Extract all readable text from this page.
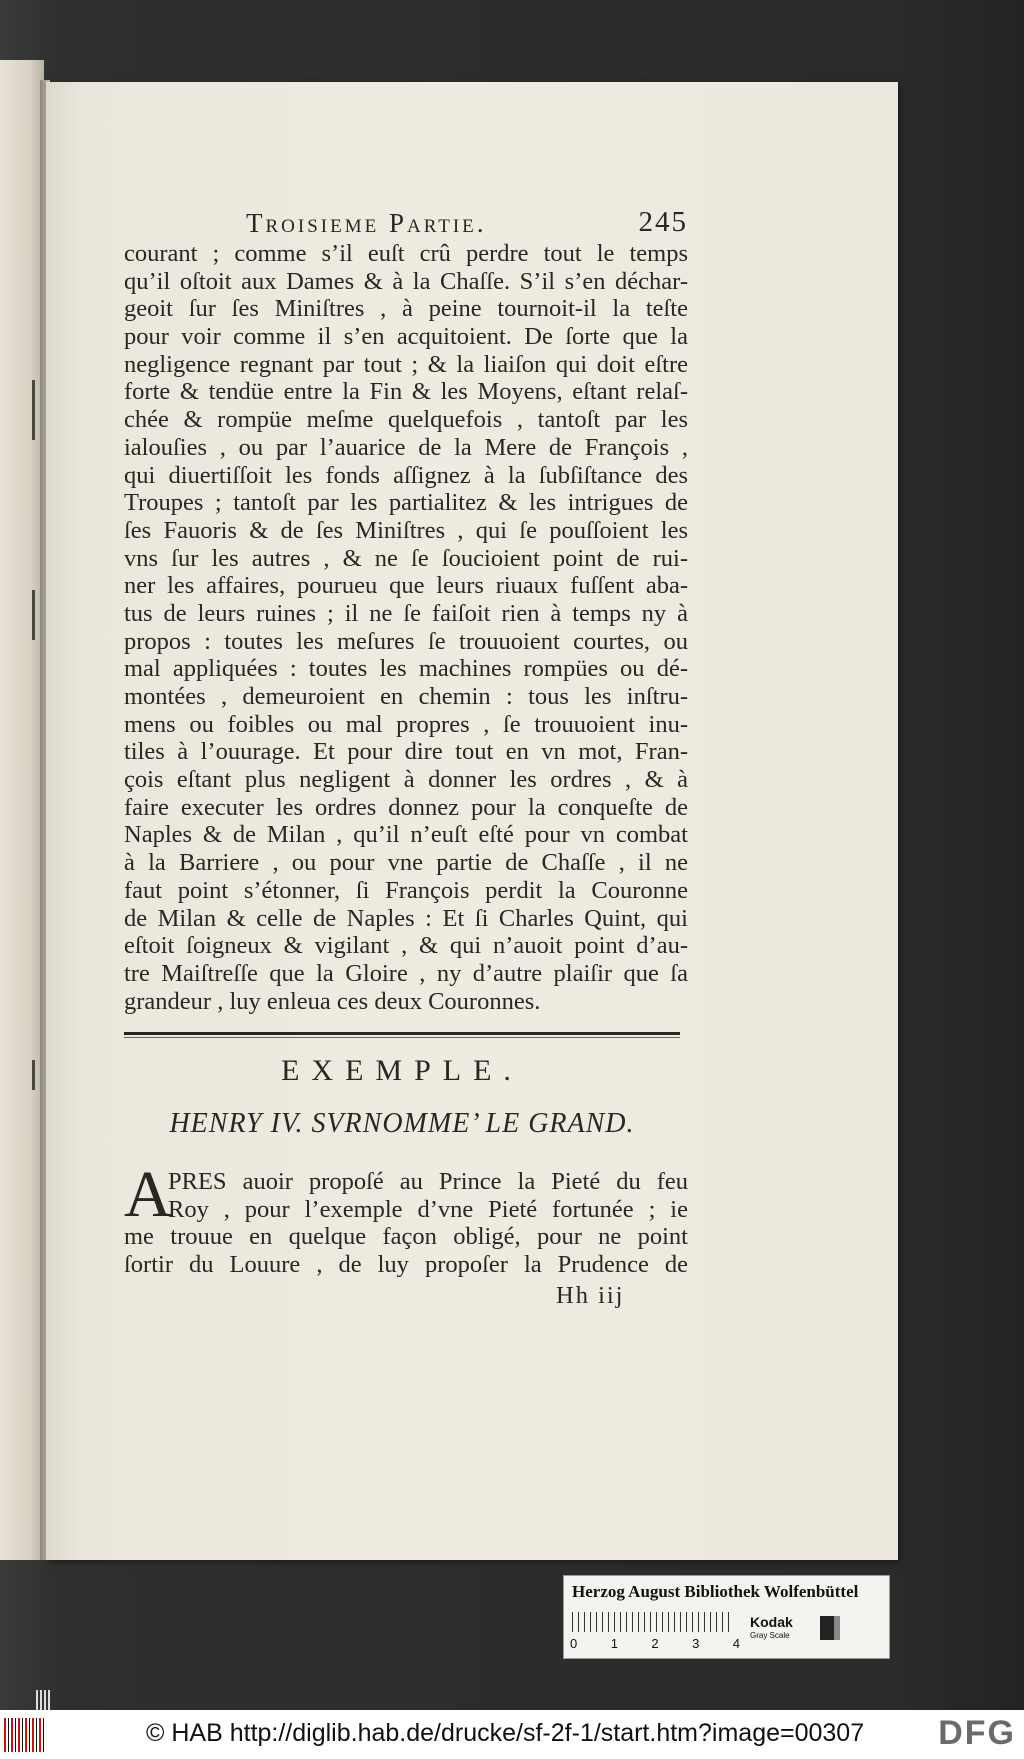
Troisieme Partie.	245
courant ; comme s’il euſt crû perdre tout le temps
qu’il oſtoit aux Dames & à la Chaſſe. S’il s’en déchar-
geoit ſur ſes Miniſtres , à peine tournoit-il la teſte
pour voir comme il s’en acquitoient. De ſorte que la
negligence regnant par tout ; & la liaiſon qui doit eſtre
forte & tendüe entre la Fin & les Moyens, eſtant relaſ-
chée & rompüe meſme quelquefois , tantoſt par les
ialouſies , ou par l’auarice de la Mere de François ,
qui diuertiſſoit les fonds aſſignez à la ſubſiſtance des
Troupes ; tantoſt par les partialitez & les intrigues de
ſes Fauoris & de ſes Miniſtres , qui ſe pouſſoient les
vns ſur les autres , & ne ſe ſoucioient point de rui-
ner les affaires, pourueu que leurs riuaux fuſſent aba-
tus de leurs ruines ; il ne ſe faiſoit rien à temps ny à
propos : toutes les meſures ſe trouuoient courtes, ou
mal appliquées : toutes les machines rompües ou dé-
montées , demeuroient en chemin : tous les inſtru-
mens ou foibles ou mal propres , ſe trouuoient inu-
tiles à l’ouurage. Et pour dire tout en vn mot, Fran-
çois eſtant plus negligent à donner les ordres , & à
faire executer les ordres donnez pour la conqueſte de
Naples & de Milan , qu’il n’euſt eſté pour vn combat
à la Barriere , ou pour vne partie de Chaſſe , il ne
faut point s’étonner, ſi François perdit la Couronne
de Milan & celle de Naples : Et ſi Charles Quint, qui
eſtoit ſoigneux & vigilant , & qui n’auoit point d’au-
tre Maiſtreſſe que la Gloire , ny d’autre plaiſir que ſa
grandeur , luy enleua ces deux Couronnes.
EXEMPLE.
HENRY IV. SVRNOMME’ LE GRAND.
A
PRES auoir propoſé au Prince la Pieté du feu
Roy , pour l’exemple d’vne Pieté fortunée ; ie
me trouue en quelque façon obligé, pour ne point
ſortir du Louure , de luy propoſer la Prudence de
Hh iij
Herzog August Bibliothek Wolfenbüttel
0	1	2	3	4
Kodak
Gray Scale
© HAB http://diglib.hab.de/drucke/sf-2f-1/start.htm?image=00307 DFG
